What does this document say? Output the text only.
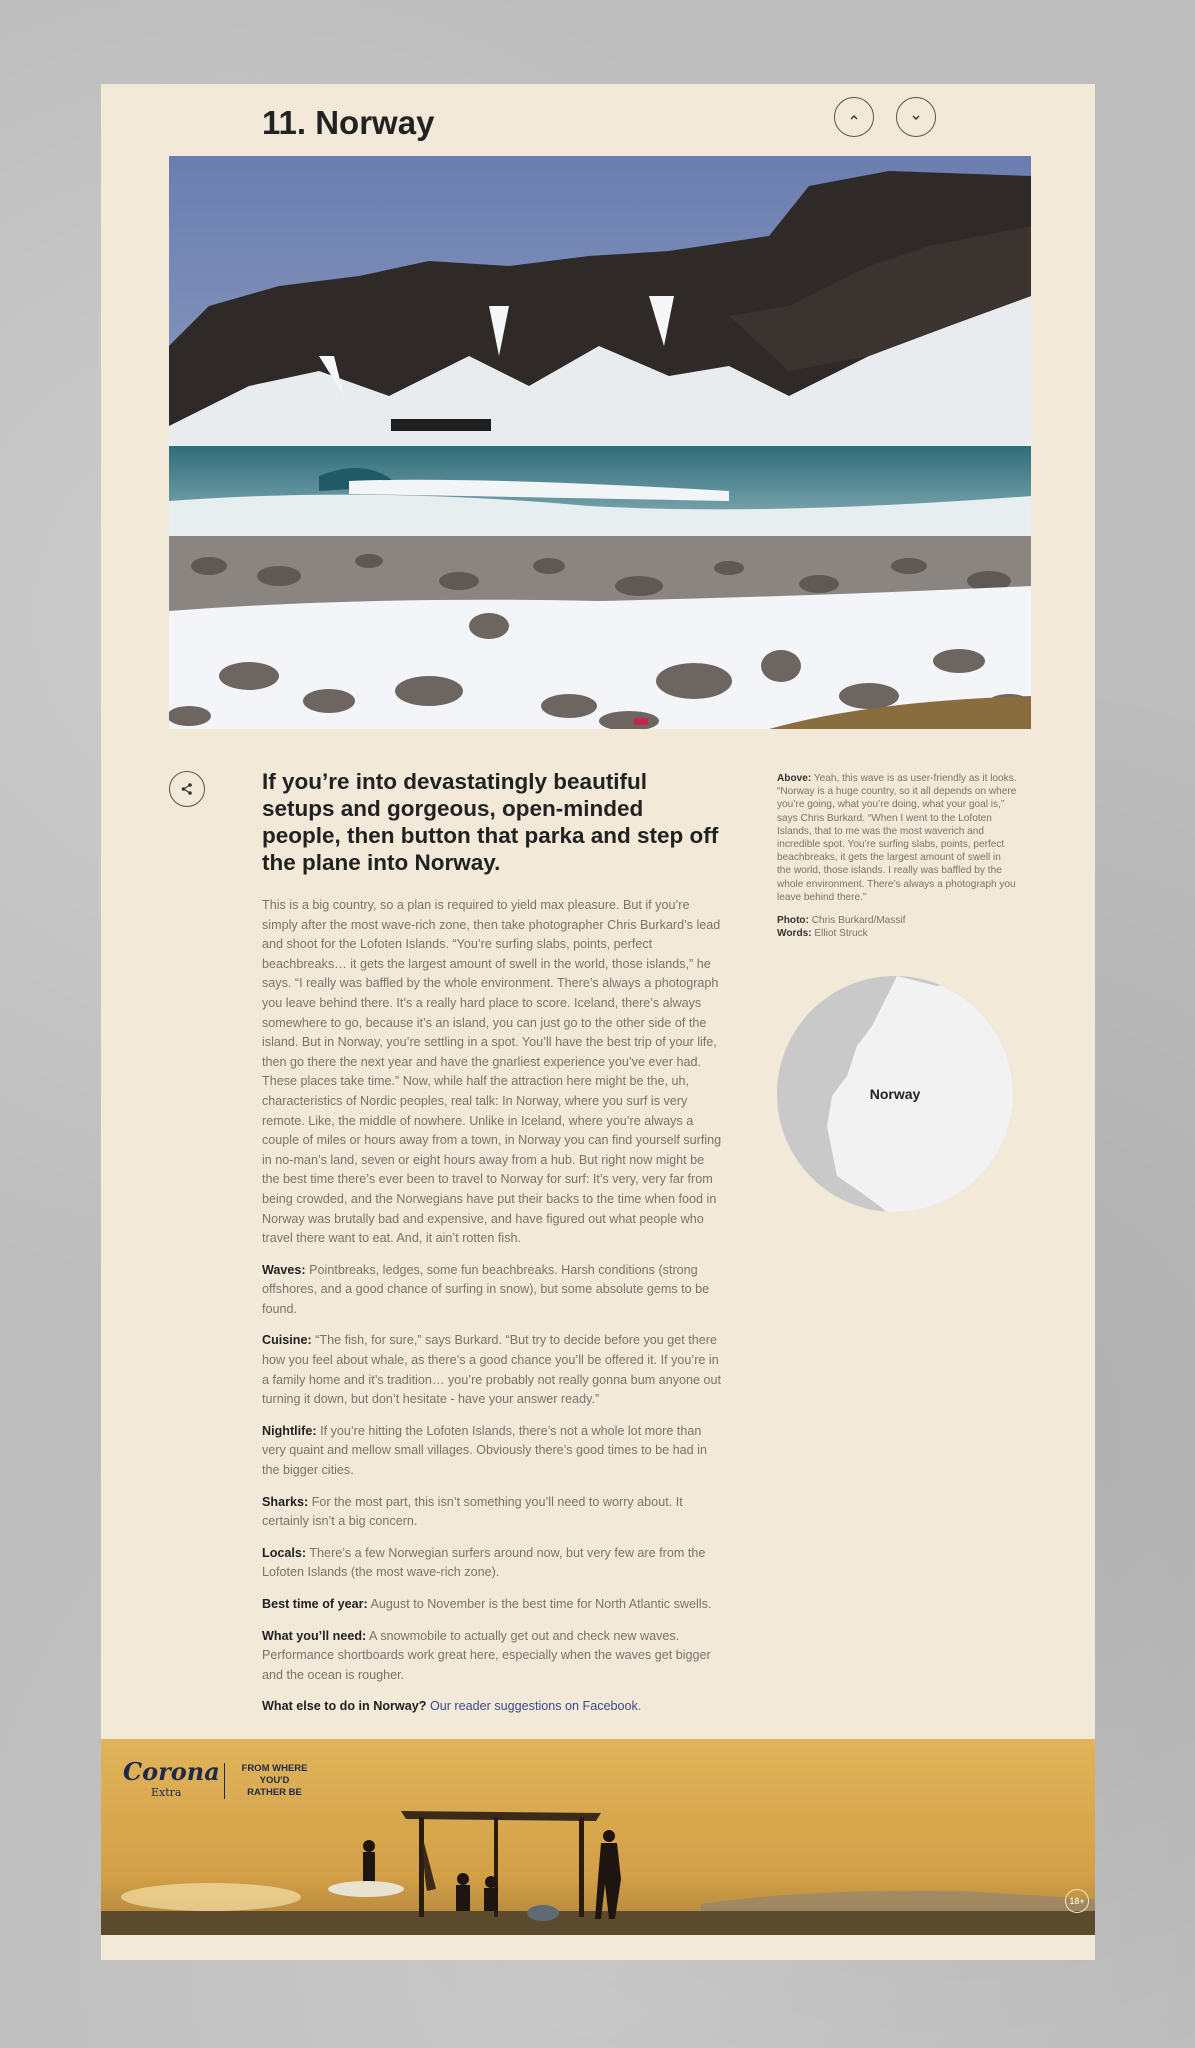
11. Norway
If you’re into devastatingly beautiful setups and gorgeous, open-minded people, then button that parka and step off the plane into Norway.

This is a big country, so a plan is required to yield max pleasure. But if you’re simply after the most wave-rich zone, then take photographer Chris Burkard’s lead and shoot for the Lofoten Islands. “You’re surfing slabs, points, perfect beachbreaks… it gets the largest amount of swell in the world, those islands,” he says. “I really was baffled by the whole environment. There’s always a photograph you leave behind there. It’s a really hard place to score. Iceland, there’s always somewhere to go, because it’s an island, you can just go to the other side of the island. But in Norway, you’re settling in a spot. You’ll have the best trip of your life, then go there the next year and have the gnarliest experience you’ve ever had. These places take time.” Now, while half the attraction here might be the, uh, characteristics of Nordic peoples, real talk: In Norway, where you surf is very remote. Like, the middle of nowhere. Unlike in Iceland, where you’re always a couple of miles or hours away from a town, in Norway you can find yourself surfing in no-man’s land, seven or eight hours away from a hub. But right now might be the best time there’s ever been to travel to Norway for surf: It’s very, very far from being crowded, and the Norwegians have put their backs to the time when food in Norway was brutally bad and expensive, and have figured out what people who travel there want to eat. And, it ain’t rotten fish.

Waves: Pointbreaks, ledges, some fun beachbreaks. Harsh conditions (strong offshores, and a good chance of surfing in snow), but some absolute gems to be found.

Cuisine: “The fish, for sure,” says Burkard. “But try to decide before you get there how you feel about whale, as there’s a good chance you’ll be offered it. If you’re in a family home and it’s tradition… you’re probably not really gonna bum anyone out turning it down, but don’t hesitate - have your answer ready.”

Nightlife: If you’re hitting the Lofoten Islands, there’s not a whole lot more than very quaint and mellow small villages. Obviously there’s good times to be had in the bigger cities.

Sharks: For the most part, this isn’t something you’ll need to worry about. It certainly isn’t a big concern.

Locals: There’s a few Norwegian surfers around now, but very few are from the Lofoten Islands (the most wave-rich zone).

Best time of year: August to November is the best time for North Atlantic swells.

What you’ll need: A snowmobile to actually get out and check new waves. Performance shortboards work great here, especially when the waves get bigger and the ocean is rougher.

What else to do in Norway? Our reader suggestions on Facebook.

Above: Yeah, this wave is as user-friendly as it looks. “Norway is a huge country, so it all depends on where you’re going, what you’re doing, what your goal is,” says Chris Burkard. “When I went to the Lofoten Islands, that to me was the most waverich and incredible spot. You’re surfing slabs, points, perfect beachbreaks, it gets the largest amount of swell in the world, those islands. I really was baffled by the whole environment. There’s always a photograph you leave behind there.”

Photo: Chris Burkard/Massif

Words: Elliot Struck

Norway
Corona
Extra
FROM WHERE
YOU'D
RATHER BE
18+
